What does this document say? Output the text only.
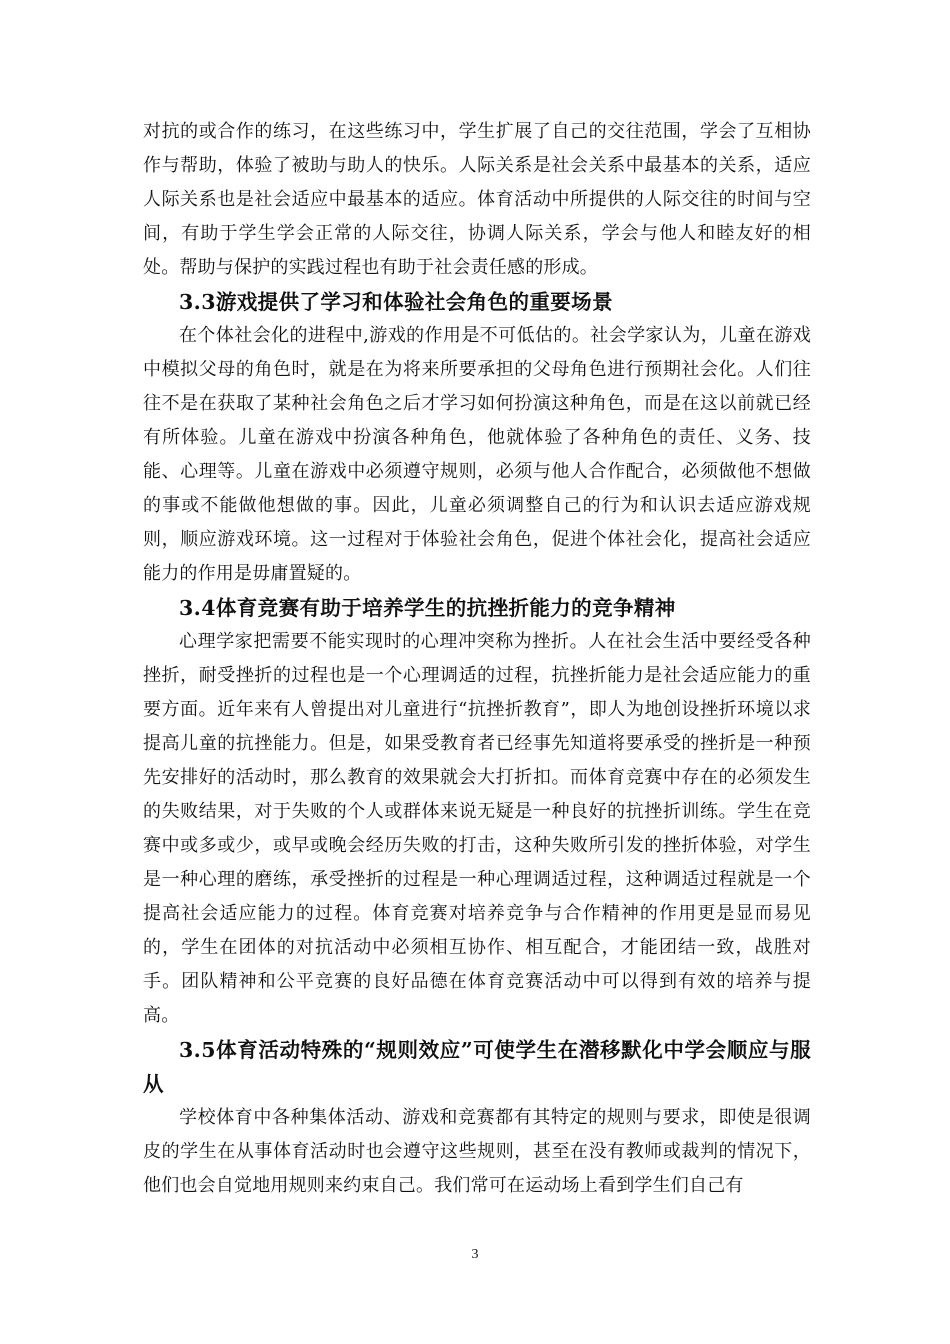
对抗的或合作的练习，在这些练习中，学生扩展了自己的交往范围，学会了互相协作与帮助，体验了被助与助人的快乐。人际关系是社会关系中最基本的关系，适应人际关系也是社会适应中最基本的适应。体育活动中所提供的人际交往的时间与空间，有助于学生学会正常的人际交往，协调人际关系，学会与他人和睦友好的相处。帮助与保护的实践过程也有助于社会责任感的形成。

3.3游戏提供了学习和体验社会角色的重要场景

在个体社会化的进程中,游戏的作用是不可低估的。社会学家认为，儿童在游戏中模拟父母的角色时，就是在为将来所要承担的父母角色进行预期社会化。人们往往不是在获取了某种社会角色之后才学习如何扮演这种角色，而是在这以前就已经有所体验。儿童在游戏中扮演各种角色，他就体验了各种角色的责任、义务、技能、心理等。儿童在游戏中必须遵守规则，必须与他人合作配合，必须做他不想做的事或不能做他想做的事。因此，儿童必须调整自己的行为和认识去适应游戏规则，顺应游戏环境。这一过程对于体验社会角色，促进个体社会化，提高社会适应能力的作用是毋庸置疑的。

3.4体育竞赛有助于培养学生的抗挫折能力的竞争精神

心理学家把需要不能实现时的心理冲突称为挫折。人在社会生活中要经受各种挫折，耐受挫折的过程也是一个心理调适的过程，抗挫折能力是社会适应能力的重要方面。近年来有人曾提出对儿童进行“抗挫折教育”，即人为地创设挫折环境以求提高儿童的抗挫能力。但是，如果受教育者已经事先知道将要承受的挫折是一种预先安排好的活动时，那么教育的效果就会大打折扣。而体育竞赛中存在的必须发生的失败结果，对于失败的个人或群体来说无疑是一种良好的抗挫折训练。学生在竞赛中或多或少，或早或晚会经历失败的打击，这种失败所引发的挫折体验，对学生是一种心理的磨练，承受挫折的过程是一种心理调适过程，这种调适过程就是一个提高社会适应能力的过程。体育竞赛对培养竞争与合作精神的作用更是显而易见的，学生在团体的对抗活动中必须相互协作、相互配合，才能团结一致，战胜对手。团队精神和公平竞赛的良好品德在体育竞赛活动中可以得到有效的培养与提高。

3.5体育活动特殊的“规则效应”可使学生在潜移默化中学会顺应与服从

学校体育中各种集体活动、游戏和竞赛都有其特定的规则与要求，即使是很调皮的学生在从事体育活动时也会遵守这些规则，甚至在没有教师或裁判的情况下，他们也会自觉地用规则来约束自己。我们常可在运动场上看到学生们自己有

3
